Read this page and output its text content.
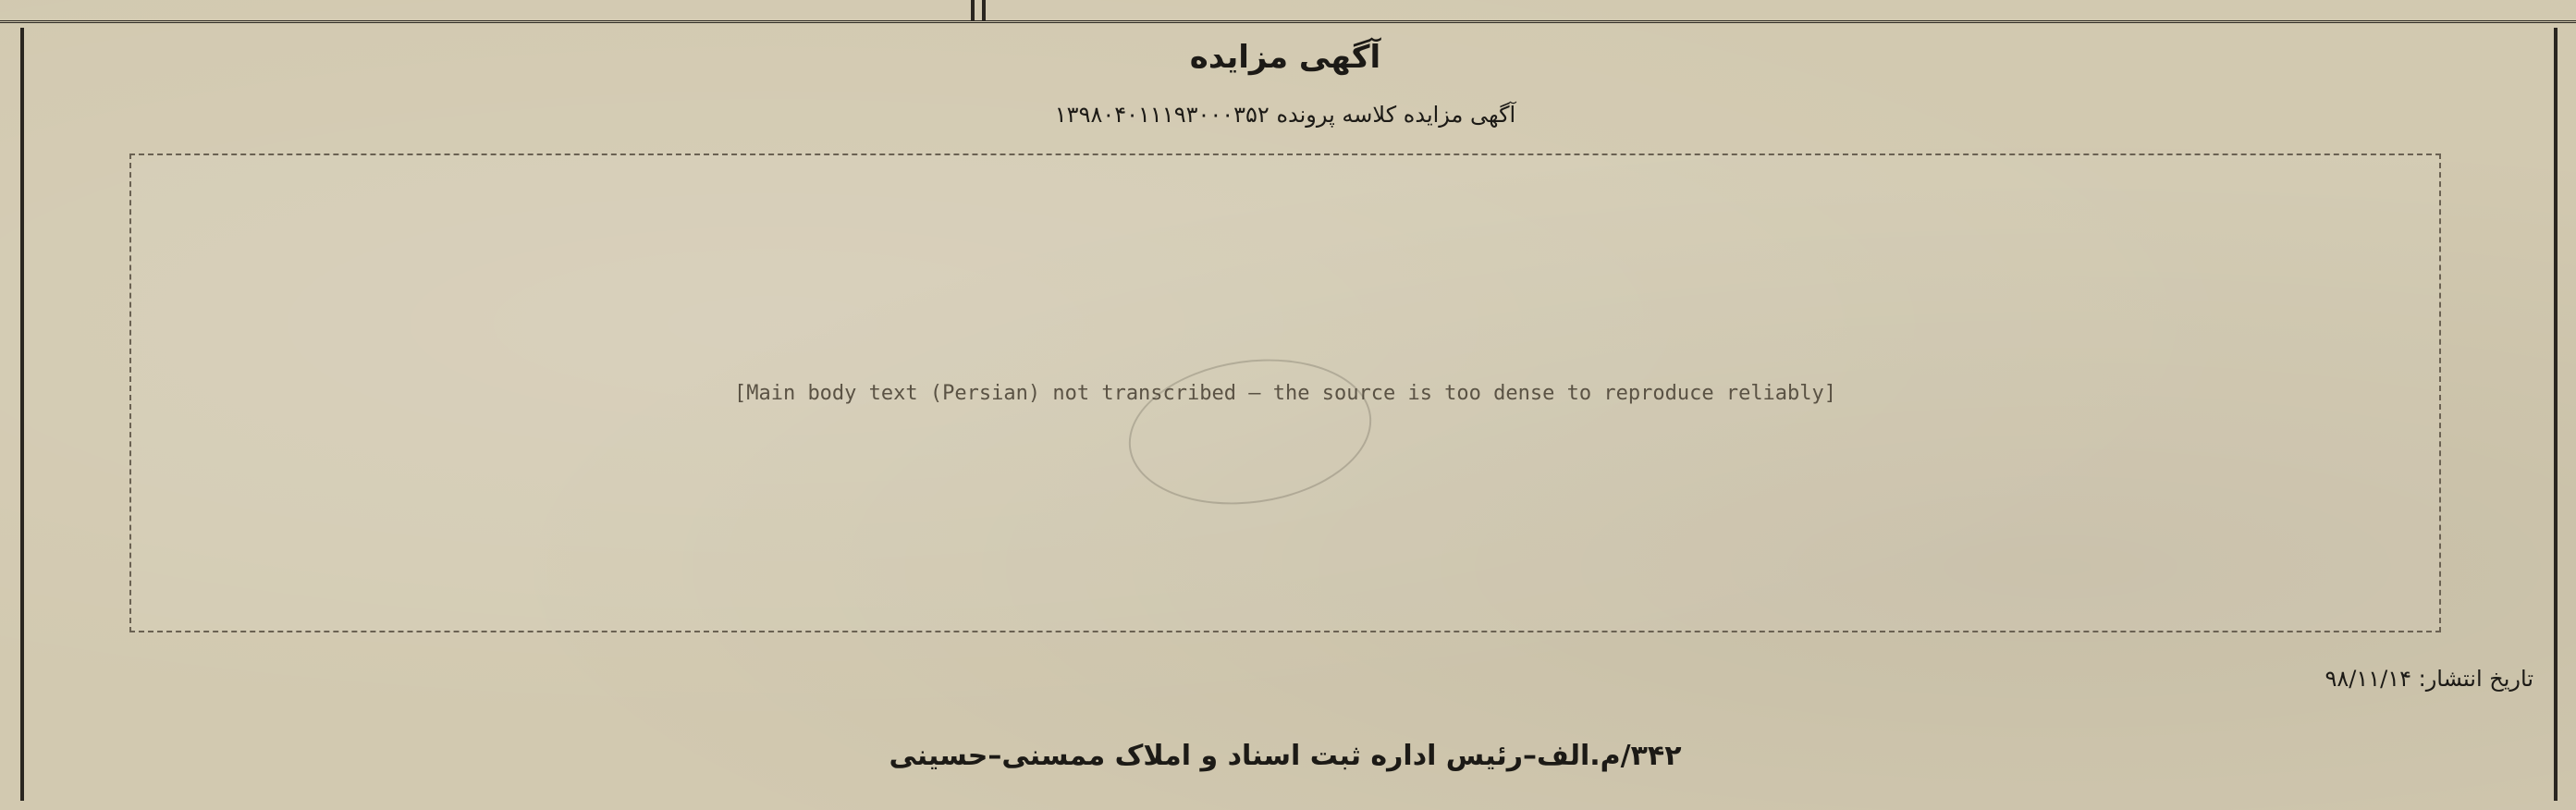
آگهی مزایده
آگهی مزایده کلاسه پرونده ۱۳۹۸۰۴۰۱۱۱۹۳۰۰۰۳۵۲
[Main body text (Persian) not transcribed — the source is too dense to reproduce reliably]
تاریخ انتشار: ۹۸/۱۱/۱۴
۳۴۲/م.الف–رئیس اداره ثبت اسناد و املاک ممسنی–حسینی
